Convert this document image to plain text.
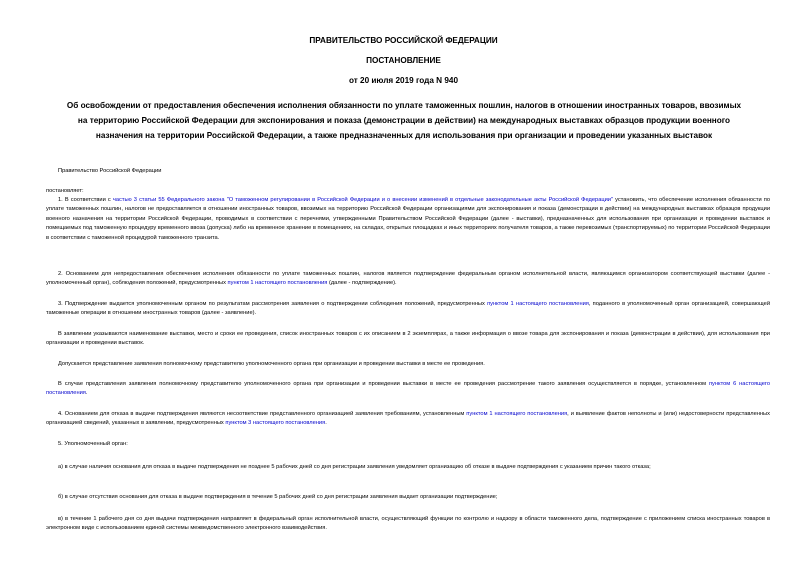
ПРАВИТЕЛЬСТВО РОССИЙСКОЙ ФЕДЕРАЦИИ
ПОСТАНОВЛЕНИЕ
от 20 июля 2019 года N 940
Об освобождении от предоставления обеспечения исполнения обязанности по уплате таможенных пошлин, налогов в отношении иностранных товаров, ввозимых на территорию Российской Федерации для экспонирования и показа (демонстрации в действии) на международных выставках образцов продукции военного назначения на территории Российской Федерации, а также предназначенных для использования при организации и проведении указанных выставок

Правительство Российской Федерации

постановляет:

1. В соответствии с частью 3 статьи 55 Федерального закона "О таможенном регулировании в Российской Федерации и о внесении изменений в отдельные законодательные акты Российской Федерации" установить, что обеспечение исполнения обязанности по уплате таможенных пошлин, налогов не предоставляется в отношении иностранных товаров, ввозимых на территорию Российской Федерации организациями для экспонирования и показа (демонстрации в действии) на международных выставках образцов продукции военного назначения на территории Российской Федерации, проводимых в соответствии с перечнями, утвержденными Правительством Российской Федерации (далее - выставки), предназначенных для использования при организации и проведении выставок и помещаемых под таможенную процедуру временного ввоза (допуска) либо на временное хранение в помещениях, на складах, открытых площадках и иных территориях получателя товаров, а также перевозимых (транспортируемых) по территории Российской Федерации в соответствии с таможенной процедурой таможенного транзита.

2. Основанием для непредоставления обеспечения исполнения обязанности по уплате таможенных пошлин, налогов является подтверждение федеральным органом исполнительной власти, являющимся организатором соответствующей выставки (далее - уполномоченный орган), соблюдения положений, предусмотренных пунктом 1 настоящего постановления (далее - подтверждение).

3. Подтверждение выдается уполномоченным органом по результатам рассмотрения заявления о подтверждении соблюдения положений, предусмотренных пунктом 1 настоящего постановления, поданного в уполномоченный орган организацией, совершающей таможенные операции в отношении иностранных товаров (далее - заявление).

В заявлении указываются наименование выставки, место и сроки ее проведения, список иностранных товаров с их описанием в 2 экземплярах, а также информация о ввозе товара для экспонирования и показа (демонстрации в действии), для использования при организации и проведении выставок.

Допускается представление заявления полномочному представителю уполномоченного органа при организации и проведении выставки в месте ее проведения.

В случае представления заявления полномочному представителю уполномоченного органа при организации и проведении выставки в месте ее проведения рассмотрение такого заявления осуществляется в порядке, установленном пунктом 6 настоящего постановления.

4. Основанием для отказа в выдаче подтверждения являются несоответствие представленного организацией заявления требованиям, установленным пунктом 1 настоящего постановления, и выявление фактов неполноты и (или) недостоверности представленных организацией сведений, указанных в заявлении, предусмотренных пунктом 3 настоящего постановления.

5. Уполномоченный орган:

а) в случае наличия основания для отказа в выдаче подтверждения не позднее 5 рабочих дней со дня регистрации заявления уведомляет организацию об отказе в выдаче подтверждения с указанием причин такого отказа;

б) в случае отсутствия основания для отказа в выдаче подтверждения в течение 5 рабочих дней со дня регистрации заявления выдает организации подтверждение;

в) в течение 1 рабочего дня со дня выдачи подтверждения направляет в федеральный орган исполнительной власти, осуществляющий функции по контролю и надзору в области таможенного дела, подтверждение с приложением списка иностранных товаров в электронном виде с использованием единой системы межведомственного электронного взаимодействия.
